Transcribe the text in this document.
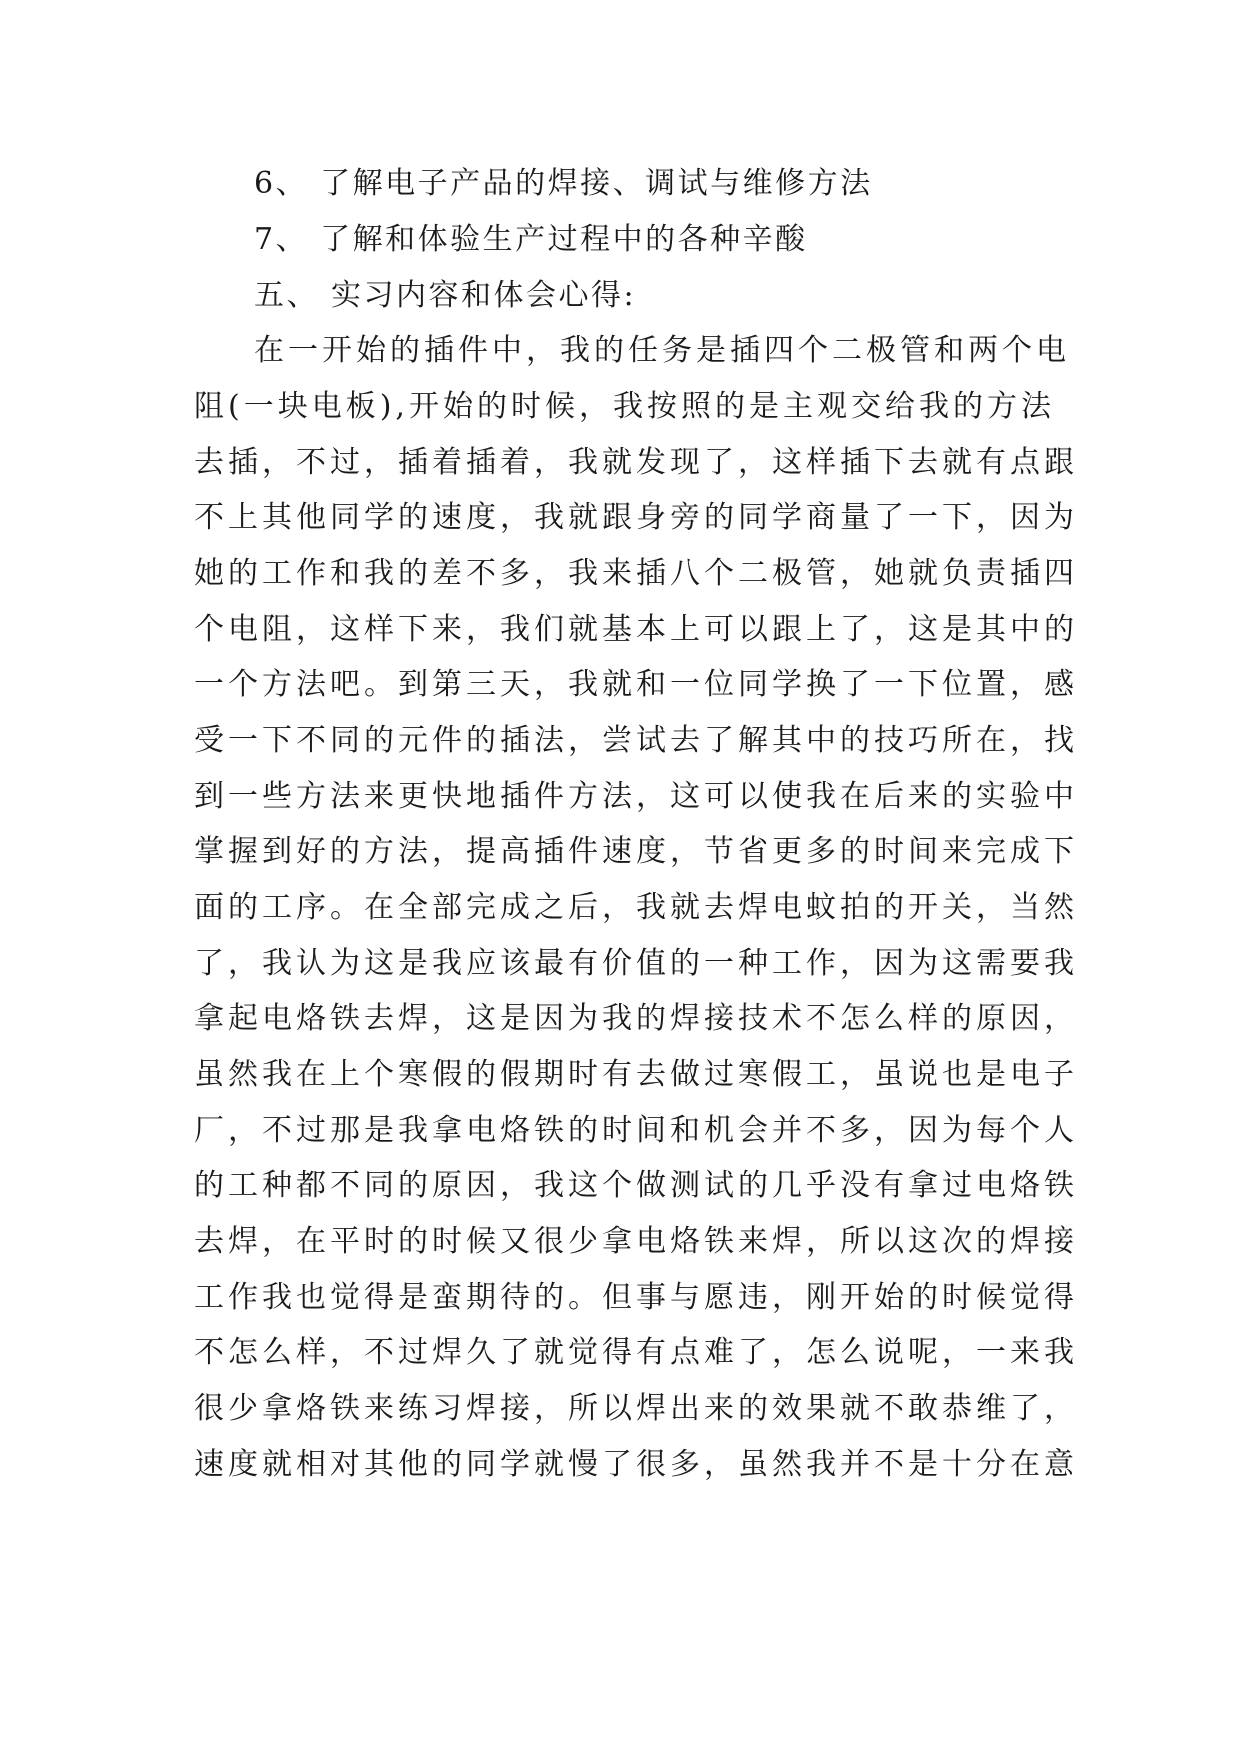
6、 了解电子产品的焊接、调试与维修方法
7、 了解和体验生产过程中的各种辛酸
五、 实习内容和体会心得:
在一开始的插件中，我的任务是插四个二极管和两个电
阻(一块电板),开始的时候，我按照的是主观交给我的方法
去插，不过，插着插着，我就发现了，这样插下去就有点跟
不上其他同学的速度，我就跟身旁的同学商量了一下，因为
她的工作和我的差不多，我来插八个二极管，她就负责插四
个电阻，这样下来，我们就基本上可以跟上了，这是其中的
一个方法吧。到第三天，我就和一位同学换了一下位置，感
受一下不同的元件的插法，尝试去了解其中的技巧所在，找
到一些方法来更快地插件方法，这可以使我在后来的实验中
掌握到好的方法，提高插件速度，节省更多的时间来完成下
面的工序。在全部完成之后，我就去焊电蚊拍的开关，当然
了，我认为这是我应该最有价值的一种工作，因为这需要我
拿起电烙铁去焊，这是因为我的焊接技术不怎么样的原因，
虽然我在上个寒假的假期时有去做过寒假工，虽说也是电子
厂，不过那是我拿电烙铁的时间和机会并不多，因为每个人
的工种都不同的原因，我这个做测试的几乎没有拿过电烙铁
去焊，在平时的时候又很少拿电烙铁来焊，所以这次的焊接
工作我也觉得是蛮期待的。但事与愿违，刚开始的时候觉得
不怎么样，不过焊久了就觉得有点难了，怎么说呢，一来我
很少拿烙铁来练习焊接，所以焊出来的效果就不敢恭维了，
速度就相对其他的同学就慢了很多，虽然我并不是十分在意
